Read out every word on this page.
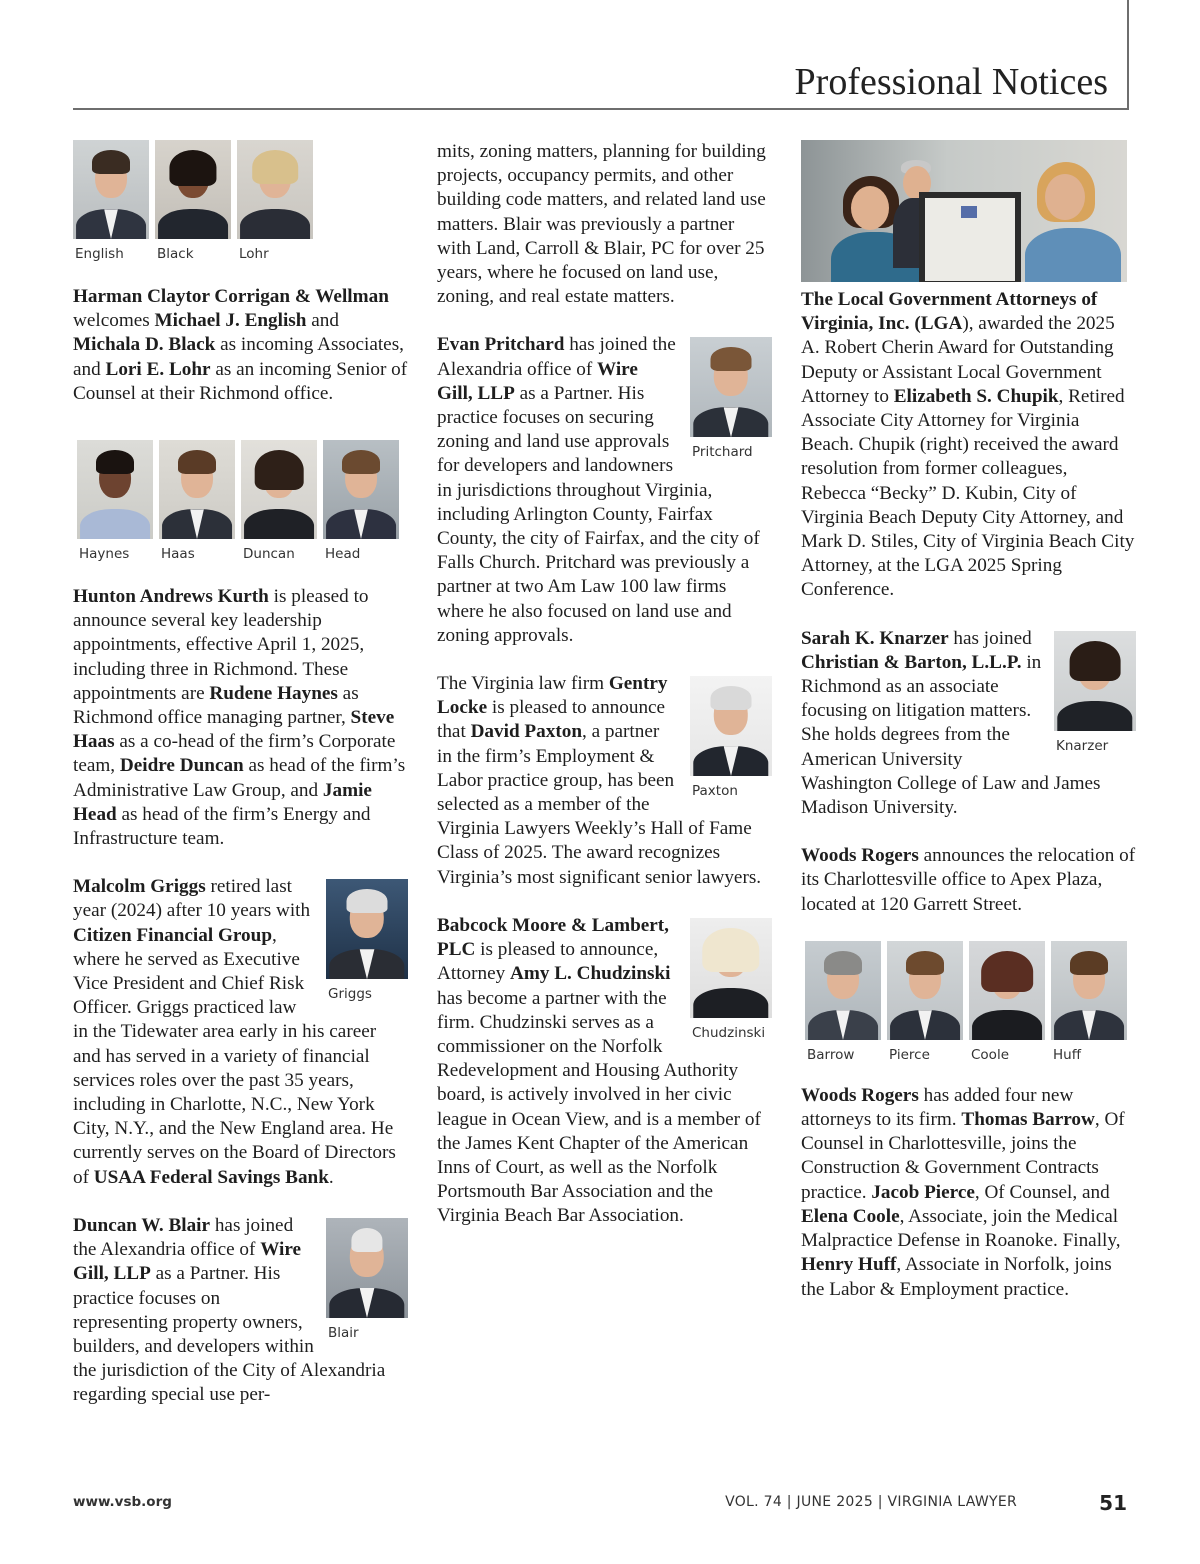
Professional Notices
English	Black	Lohr

Harman Claytor Corrigan & Wellman welcomes Michael J. English and Michala D. Black as incoming Associates, and Lori E. Lohr as an incoming Senior of Counsel at their Richmond office.

Haynes	Haas	Duncan	Head

Hunton Andrews Kurth is pleased to announce several key leadership appointments, effective April 1, 2025, including three in Richmond. These appointments are Rudene Haynes as Richmond office managing partner, Steve Haas as a co-head of the firm’s Corporate team, Deidre Duncan as head of the firm’s Administrative Law Group, and Jamie Head as head of the firm’s Energy and Infrastructure team.

Griggs

Malcolm Griggs retired last year (2024) after 10 years with Citizen Financial Group, where he served as Executive Vice President and Chief Risk Officer. Griggs practiced law in the Tidewater area early in his career and has served in a variety of financial services roles over the past 35 years, including in Charlotte, N.C., New York City, N.Y., and the New England area. He currently serves on the Board of Directors of USAA Federal Savings Bank.

Blair

Duncan W. Blair has joined the Alexandria office of Wire Gill, LLP as a Partner. His practice focuses on representing property owners, builders, and developers within the jurisdiction of the City of Alexandria regarding special use per-

mits, zoning matters, planning for building projects, occupancy permits, and other building code matters, and related land use matters. Blair was previously a partner with Land, Carroll & Blair, PC for over 25 years, where he focused on land use, zoning, and real estate matters.

Pritchard

Evan Pritchard has joined the Alexandria office of Wire Gill, LLP as a Partner. His practice focuses on securing zoning and land use approvals for developers and landowners in jurisdictions throughout Virginia, including Arlington County, Fairfax County, the city of Fairfax, and the city of Falls Church. Pritchard was previously a partner at two Am Law 100 law firms where he also focused on land use and zoning approvals.

Paxton

The Virginia law firm Gentry Locke is pleased to announce that David Paxton, a partner in the firm’s Employment & Labor practice group, has been selected as a member of the Virginia Lawyers Weekly’s Hall of Fame Class of 2025. The award recognizes Virginia’s most significant senior lawyers.

Chudzinski

Babcock Moore & Lambert, PLC is pleased to announce, Attorney Amy L. Chudzinski has become a partner with the firm. Chudzinski serves as a commissioner on the Norfolk Redevelopment and Housing Authority board, is actively involved in her civic league in Ocean View, and is a member of the James Kent Chapter of the American Inns of Court, as well as the Norfolk Portsmouth Bar Association and the Virginia Beach Bar Association.

The Local Government Attorneys of Virginia, Inc. (LGA), awarded the 2025 A. Robert Cherin Award for Outstanding Deputy or Assistant Local Government Attorney to Elizabeth S. Chupik, Retired Associate City Attorney for Virginia Beach. Chupik (right) received the award resolution from former colleagues, Rebecca “Becky” D. Kubin, City of Virginia Beach Deputy City Attorney, and Mark D. Stiles, City of Virginia Beach City Attorney, at the LGA 2025 Spring Conference.

Knarzer

Sarah K. Knarzer has joined Christian & Barton, L.L.P. in Richmond as an associate focusing on litigation matters. She holds degrees from the American University Washington College of Law and James Madison University.

Woods Rogers announces the relocation of its Charlottesville office to Apex Plaza, located at 120 Garrett Street.

Barrow	Pierce	Coole	Huff

Woods Rogers has added four new attorneys to its firm. Thomas Barrow, Of Counsel in Charlottesville, joins the Construction & Government Contracts practice. Jacob Pierce, Of Counsel, and Elena Coole, Associate, join the Medical Malpractice Defense in Roanoke. Finally, Henry Huff, Associate in Norfolk, joins the Labor & Employment practice.

www.vsb.org	VOL. 74 | JUNE 2025 | VIRGINIA LAWYER	51
